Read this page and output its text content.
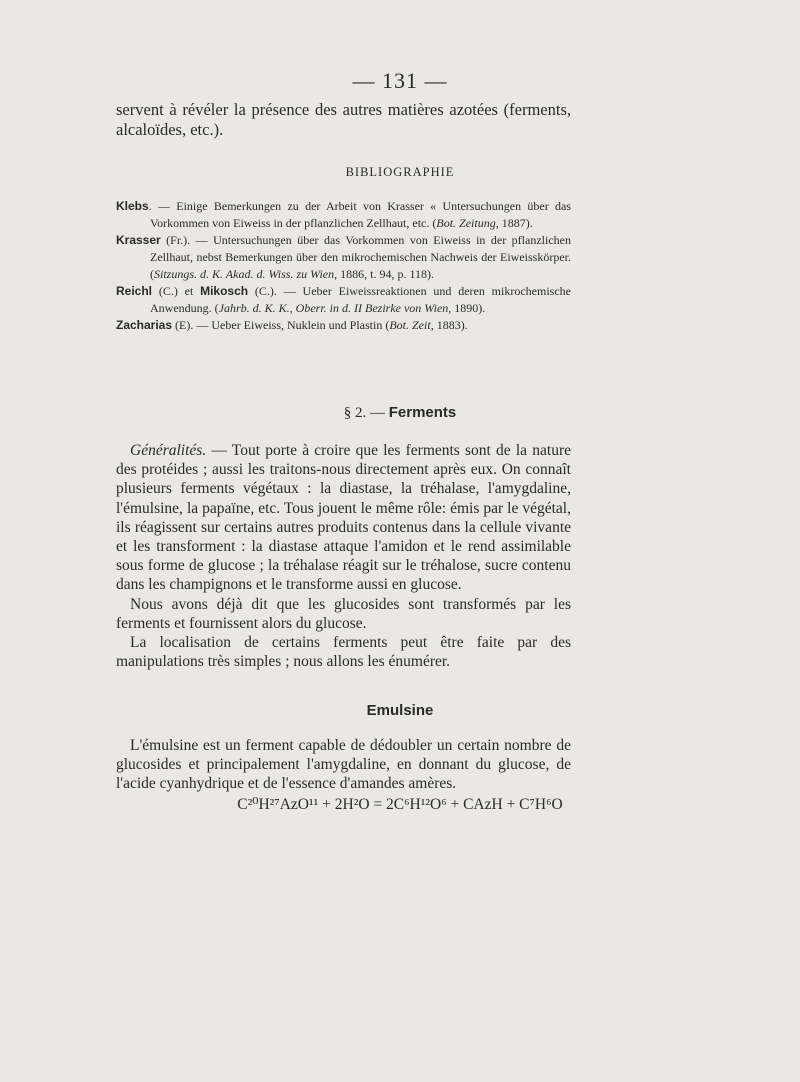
— 131 —
servent à révéler la présence des autres matières azotées (ferments, alcaloïdes, etc.).
BIBLIOGRAPHIE
Klebs. — Einige Bemerkungen zu der Arbeit von Krasser « Untersuchungen über das Vorkommen von Eiweiss in der pflanzlichen Zellhaut, etc. (Bot. Zeitung, 1887).
Krasser (Fr.). — Untersuchungen über das Vorkommen von Eiweiss in der pflanzlichen Zellhaut, nebst Bemerkungen über den mikrochemischen Nachweis der Eiweisskörper. (Sitzungs. d. K. Akad. d. Wiss. zu Wien, 1886, t. 94, p. 118).
Reichl (C.) et Mikosch (C.). — Ueber Eiweissreaktionen und deren mikrochemische Anwendung. (Jahrb. d. K. K., Oberr. in d. II Bezirke von Wien, 1890).
Zacharias (E). — Ueber Eiweiss, Nuklein und Plastin (Bot. Zeit, 1883).
§ 2. — Ferments

Généralités. — Tout porte à croire que les ferments sont de la nature des protéides ; aussi les traitons-nous directement après eux. On connaît plusieurs ferments végétaux : la diastase, la tréhalase, l'amygdaline, l'émulsine, la papaïne, etc. Tous jouent le même rôle: émis par le végétal, ils réagissent sur certains autres produits contenus dans la cellule vivante et les transforment : la diastase attaque l'amidon et le rend assimilable sous forme de glucose ; la tréhalase réagit sur le tréhalose, sucre contenu dans les champignons et le transforme aussi en glucose.

Nous avons déjà dit que les glucosides sont transformés par les ferments et fournissent alors du glucose.

La localisation de certains ferments peut être faite par des manipulations très simples ; nous allons les énumérer.

Emulsine

L'émulsine est un ferment capable de dédoubler un certain nombre de glucosides et principalement l'amygdaline, en donnant du glucose, de l'acide cyanhydrique et de l'essence d'amandes amères.

C²⁰H²⁷AzO¹¹ + 2H²O = 2C⁶H¹²O⁶ + CAzH + C⁷H⁶O
